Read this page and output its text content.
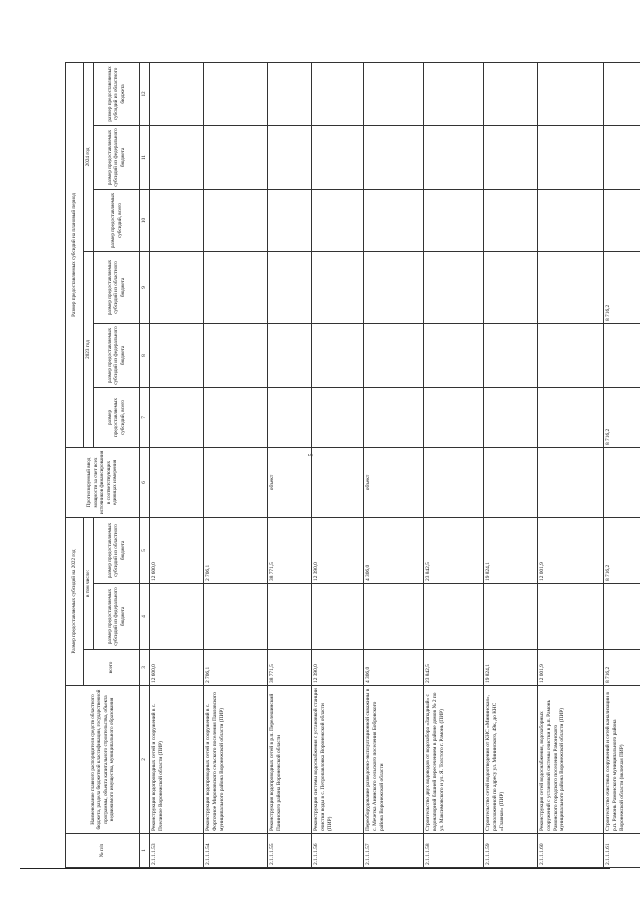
5
№ п/п	Наименование главного распорядителя средств областного бюджета, раздела бюджетной классификации, государственной программы, объекта капитального строительства, объекта недвижимого имущества, муниципального образования	Размер предоставляемых субсидий на 2022 год			Прогнозируемый ввод мощности за счет всех источников финансирования в соответствующих единицах измерения	Размер предоставляемых субсидий на плановый период					
		всего	в том числе:			2023 год			2024 год		
			размер предоставляемых субсидий из федерального бюджета	размер предоставляемых субсидий из областного бюджета		размер предоставляемых субсидий, всего	размер предоставляемых субсидий из федерального бюджета	размер предоставляемых субсидий из областного бюджета	размер предоставляемых субсидий, всего	размер предоставляемых субсидий из федерального бюджета	размер предоставляемых субсидий из областного бюджета

1	2	3	4	5	6	7	8	9	10	11	12
2.1.1.1.53	Реконструкция водопроводных сетей и сооружений в с. Пчелиное Воронежской области (ПИР)	12 600,0		12 600,0							
2.1.1.1.54	Реконструкция водопроводных сетей и сооружений в с. Форточное Мироновского сельского поселения Павловского муниципального района Воронежской области (ПИР)	2 706,1		2 706,1							
2.1.1.1.55	Реконструкция водопроводных сетей в р.п. Перелешинский Панинского района Воронежской области	38 771,5		38 771,5	объект						
2.1.1.1.56	Реконструкция системы водоснабжения с установкой станции очистки воды в с. Петропавловка Воронежской области (ПИР)	12 390,0		12 390,0							
2.1.1.1.57	Переоборудование разведочно-эксплуатационной скважины в с. Мечетка Анинского сельского поселения Бобровского района Воронежской области	4 306,0		4 306,0	объект						
2.1.1.1.58	Строительство двух водоводов от водозабора «Западный» с водонапорной башней пересечением в районе домов № 2 по ул. Максимовского и ул. Я. Толстого г. Рамонь (ПИР)	23 842,5		23 842,5							
2.1.1.1.59	Строительство сетей водоотведения от КНС «Мининская», расположенной по адресу ул. Мининского, 49к, до КНС «Главная» (ПИР)	19 824,1		19 824,1							
2.1.1.1.60	Реконструкция сетей водоснабжения, водозаборных сооружений с установкой системы очистки в р.п. Рамонь Рамонского городского поселения Рамонского муниципального района Воронежской области (ПИР)	12 001,9		12 001,9							
2.1.1.1.61	Строительство очистных сооружений и сетей канализации в р.п. Рамонь Рамонского муниципального района Воронежской области (включая ПИР)	8 716,2		8 716,2		8 716,2		8 716,2			
